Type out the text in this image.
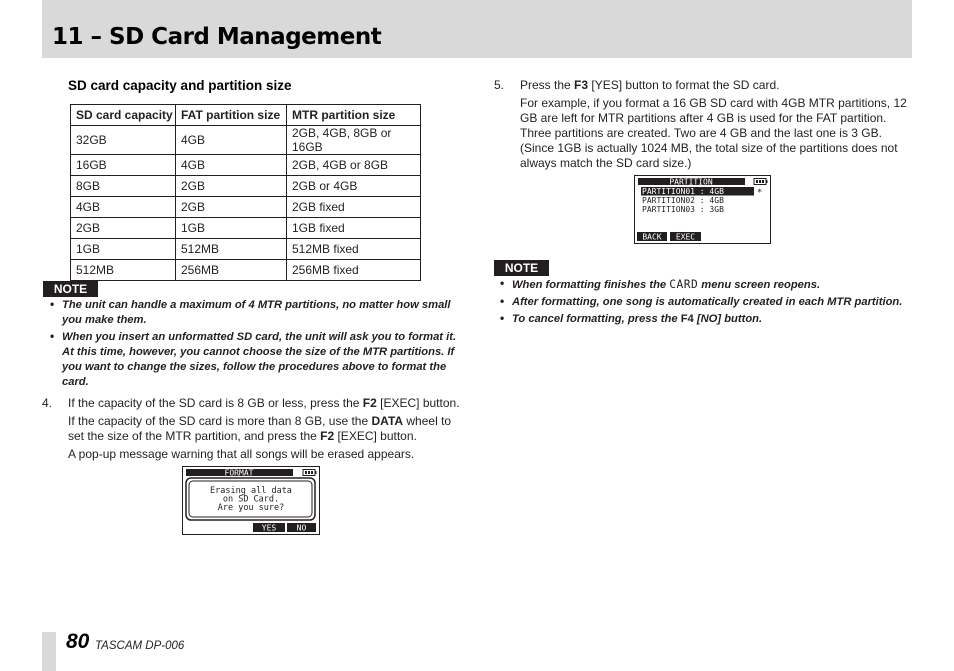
11 – SD Card Management
SD card capacity and partition size
SD card capacity	FAT partition size	MTR partition size
32GB	4GB	2GB, 4GB, 8GB or 16GB
16GB	4GB	2GB, 4GB or 8GB
8GB	2GB	2GB or 4GB
4GB	2GB	2GB fixed
2GB	1GB	1GB fixed
1GB	512MB	512MB fixed
512MB	256MB	256MB fixed
NOTE
• The unit can handle a maximum of 4 MTR partitions, no matter how small you make them.
• When you insert an unformatted SD card, the unit will ask you to format it. At this time, however, you cannot choose the size of the MTR partitions. If you want to change the sizes, follow the procedures above to format the card.
4.	If the capacity of the SD card is 8 GB or less, press the F2 [EXEC] button.

If the capacity of the SD card is more than 8 GB, use the DATA wheel to set the size of the MTR partition, and press the F2 [EXEC] button.

A pop-up message warning that all songs will be erased appears.

FORMAT
Erasing all data
on SD Card.
Are you sure?
YES	NO
5.	Press the F3 [YES] button to format the SD card.

For example, if you format a 16 GB SD card with 4GB MTR partitions, 12 GB are left for MTR partitions after 4 GB is used for the FAT partition. Three partitions are created. Two are 4 GB and the last one is 3 GB. (Since 1GB is actually 1024 MB, the total size of the partitions does not always match the SD card size.)

PARTITION
PARTITION01 : 4GB	*
PARTITION02 : 4GB
PARTITION03 : 3GB
BACK EXEC
NOTE
• When formatting finishes the CARD menu screen reopens.
• After formatting, one song is automatically created in each MTR partition.
• To cancel formatting, press the F4 [NO] button.
80 TASCAM DP-006
